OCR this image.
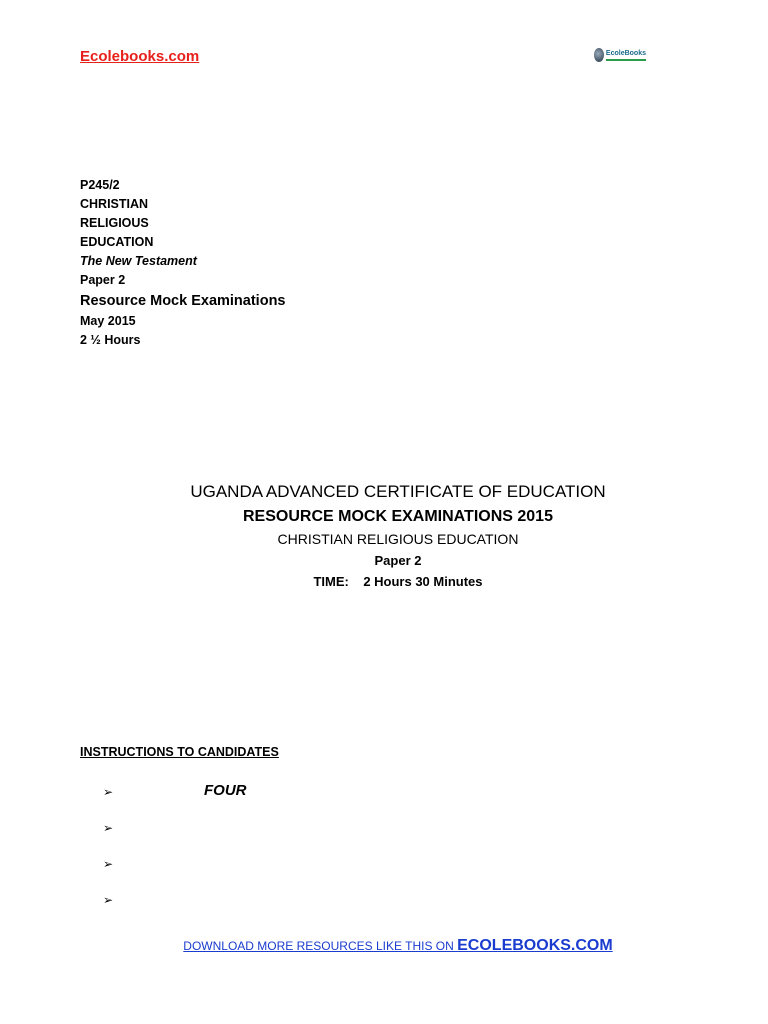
Ecolebooks.com	EcoleBooks
P245/2
CHRISTIAN
RELIGIOUS
EDUCATION
The New Testament
Paper 2
Resource Mock Examinations
May 2015
2 ½ Hours
UGANDA ADVANCED CERTIFICATE OF EDUCATION
RESOURCE MOCK EXAMINATIONS 2015
CHRISTIAN RELIGIOUS EDUCATION
Paper 2
TIME:    2 Hours 30 Minutes
INSTRUCTIONS TO CANDIDATES
➢	FOUR
➢
➢
➢
DOWNLOAD MORE RESOURCES LIKE THIS ON ECOLEBOOKS.COM
